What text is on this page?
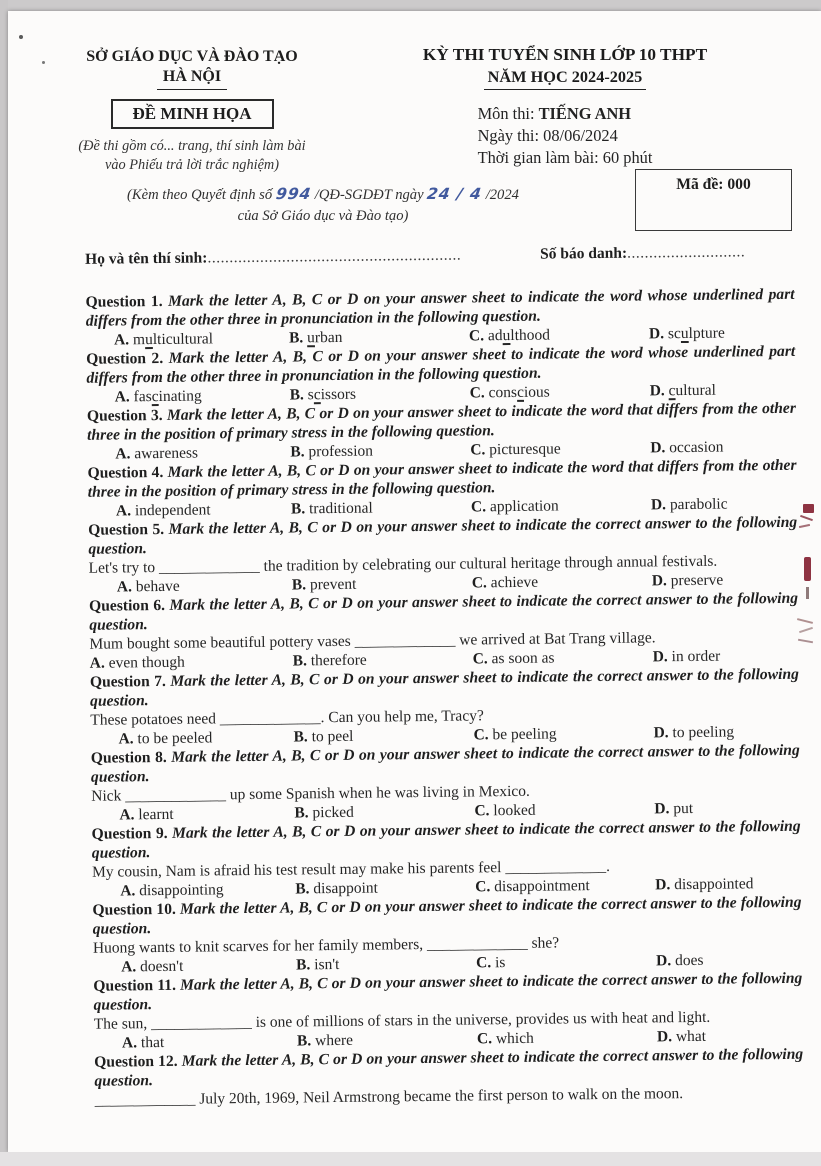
SỞ GIÁO DỤC VÀ ĐÀO TẠO
HÀ NỘI
ĐỀ MINH HỌA
(Đề thi gồm có... trang, thí sinh làm bài
vào Phiếu trả lời trắc nghiệm)
KỲ THI TUYỂN SINH LỚP 10 THPT
NĂM HỌC 2024-2025
Môn thi: TIẾNG ANH
Ngày thi: 08/06/2024
Thời gian làm bài: 60 phút
(Kèm theo Quyết định số 994 /QĐ-SGDĐT ngày 24 / 4 /2024
của Sở Giáo dục và Đào tạo)
Mã đề: 000
Họ và tên thí sinh: ..........................................................	Số báo danh: ...........................

Question 1. Mark the letter A, B, C or D on your answer sheet to indicate the word whose underlined part differs from the other three in pronunciation in the following question.

A. multicultural	B. urban	C. adulthood	D. sculpture

Question 2. Mark the letter A, B, C or D on your answer sheet to indicate the word whose underlined part differs from the other three in pronunciation in the following question.

A. fascinating	B. scissors	C. conscious	D. cultural

Question 3. Mark the letter A, B, C or D on your answer sheet to indicate the word that differs from the other three in the position of primary stress in the following question.

A. awareness	B. profession	C. picturesque	D. occasion

Question 4. Mark the letter A, B, C or D on your answer sheet to indicate the word that differs from the other three in the position of primary stress in the following question.

A. independent	B. traditional	C. application	D. parabolic

Question 5. Mark the letter A, B, C or D on your answer sheet to indicate the correct answer to the following question.

Let's try to _____________ the tradition by celebrating our cultural heritage through annual festivals.

A. behave	B. prevent	C. achieve	D. preserve

Question 6. Mark the letter A, B, C or D on your answer sheet to indicate the correct answer to the following question.

Mum bought some beautiful pottery vases _____________ we arrived at Bat Trang village.

A. even though	B. therefore	C. as soon as	D. in order

Question 7. Mark the letter A, B, C or D on your answer sheet to indicate the correct answer to the following question.

These potatoes need _____________. Can you help me, Tracy?

A. to be peeled	B. to peel	C. be peeling	D. to peeling

Question 8. Mark the letter A, B, C or D on your answer sheet to indicate the correct answer to the following question.

Nick _____________ up some Spanish when he was living in Mexico.

A. learnt	B. picked	C. looked	D. put

Question 9. Mark the letter A, B, C or D on your answer sheet to indicate the correct answer to the following question.

My cousin, Nam is afraid his test result may make his parents feel _____________.

A. disappointing	B. disappoint	C. disappointment	D. disappointed

Question 10. Mark the letter A, B, C or D on your answer sheet to indicate the correct answer to the following question.

Huong wants to knit scarves for her family members, _____________ she?

A. doesn't	B. isn't	C. is	D. does

Question 11. Mark the letter A, B, C or D on your answer sheet to indicate the correct answer to the following question.

The sun, _____________ is one of millions of stars in the universe, provides us with heat and light.

A. that	B. where	C. which	D. what

Question 12. Mark the letter A, B, C or D on your answer sheet to indicate the correct answer to the following question.

_____________ July 20th, 1969, Neil Armstrong became the first person to walk on the moon.
